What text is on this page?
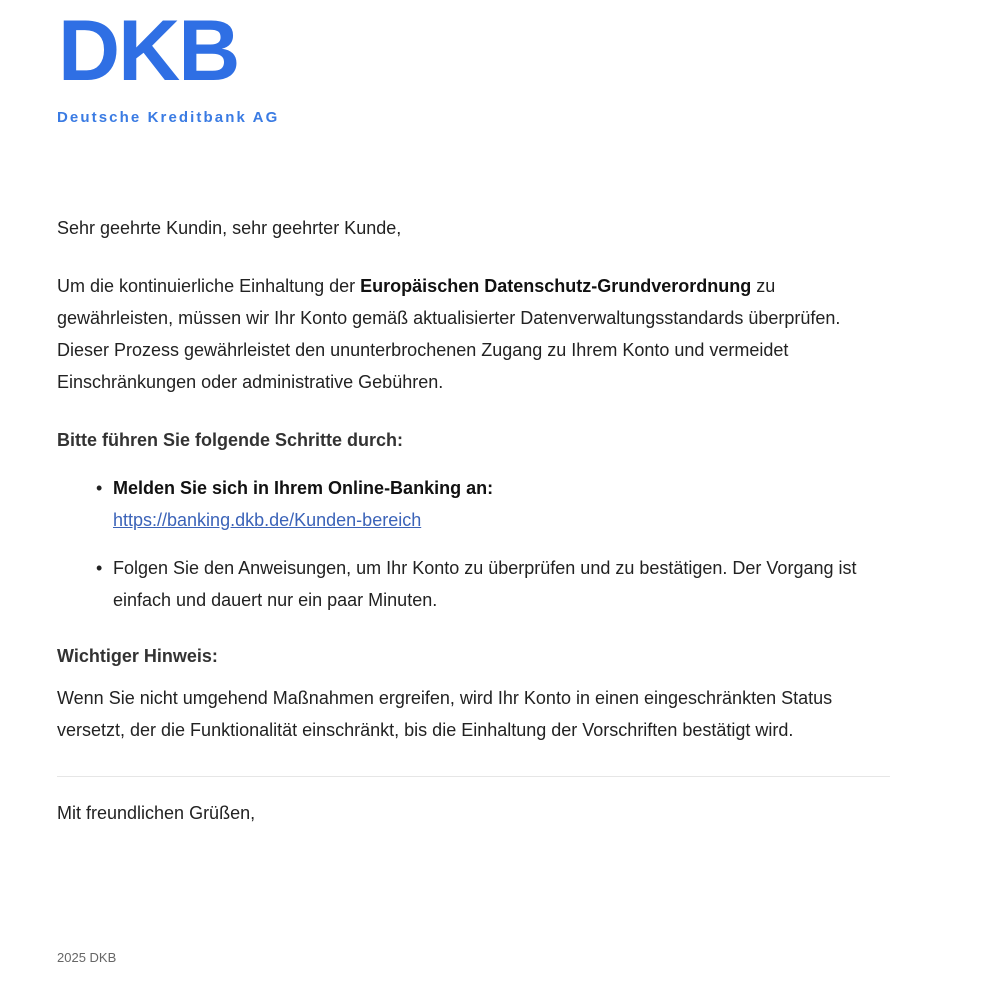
DKB
Deutsche Kreditbank AG

Sehr geehrte Kundin, sehr geehrter Kunde,

Um die kontinuierliche Einhaltung der Europäischen Datenschutz-Grundverordnung zu gewährleisten, müssen wir Ihr Konto gemäß aktualisierter Datenverwaltungsstandards überprüfen. Dieser Prozess gewährleistet den ununterbrochenen Zugang zu Ihrem Konto und vermeidet Einschränkungen oder administrative Gebühren.

Bitte führen Sie folgende Schritte durch:

• Melden Sie sich in Ihrem Online-Banking an:
https://banking.dkb.de/Kunden-bereich
• Folgen Sie den Anweisungen, um Ihr Konto zu überprüfen und zu bestätigen. Der Vorgang ist einfach und dauert nur ein paar Minuten.

Wichtiger Hinweis:

Wenn Sie nicht umgehend Maßnahmen ergreifen, wird Ihr Konto in einen eingeschränkten Status versetzt, der die Funktionalität einschränkt, bis die Einhaltung der Vorschriften bestätigt wird.

Mit freundlichen Grüßen,

2025 DKB
